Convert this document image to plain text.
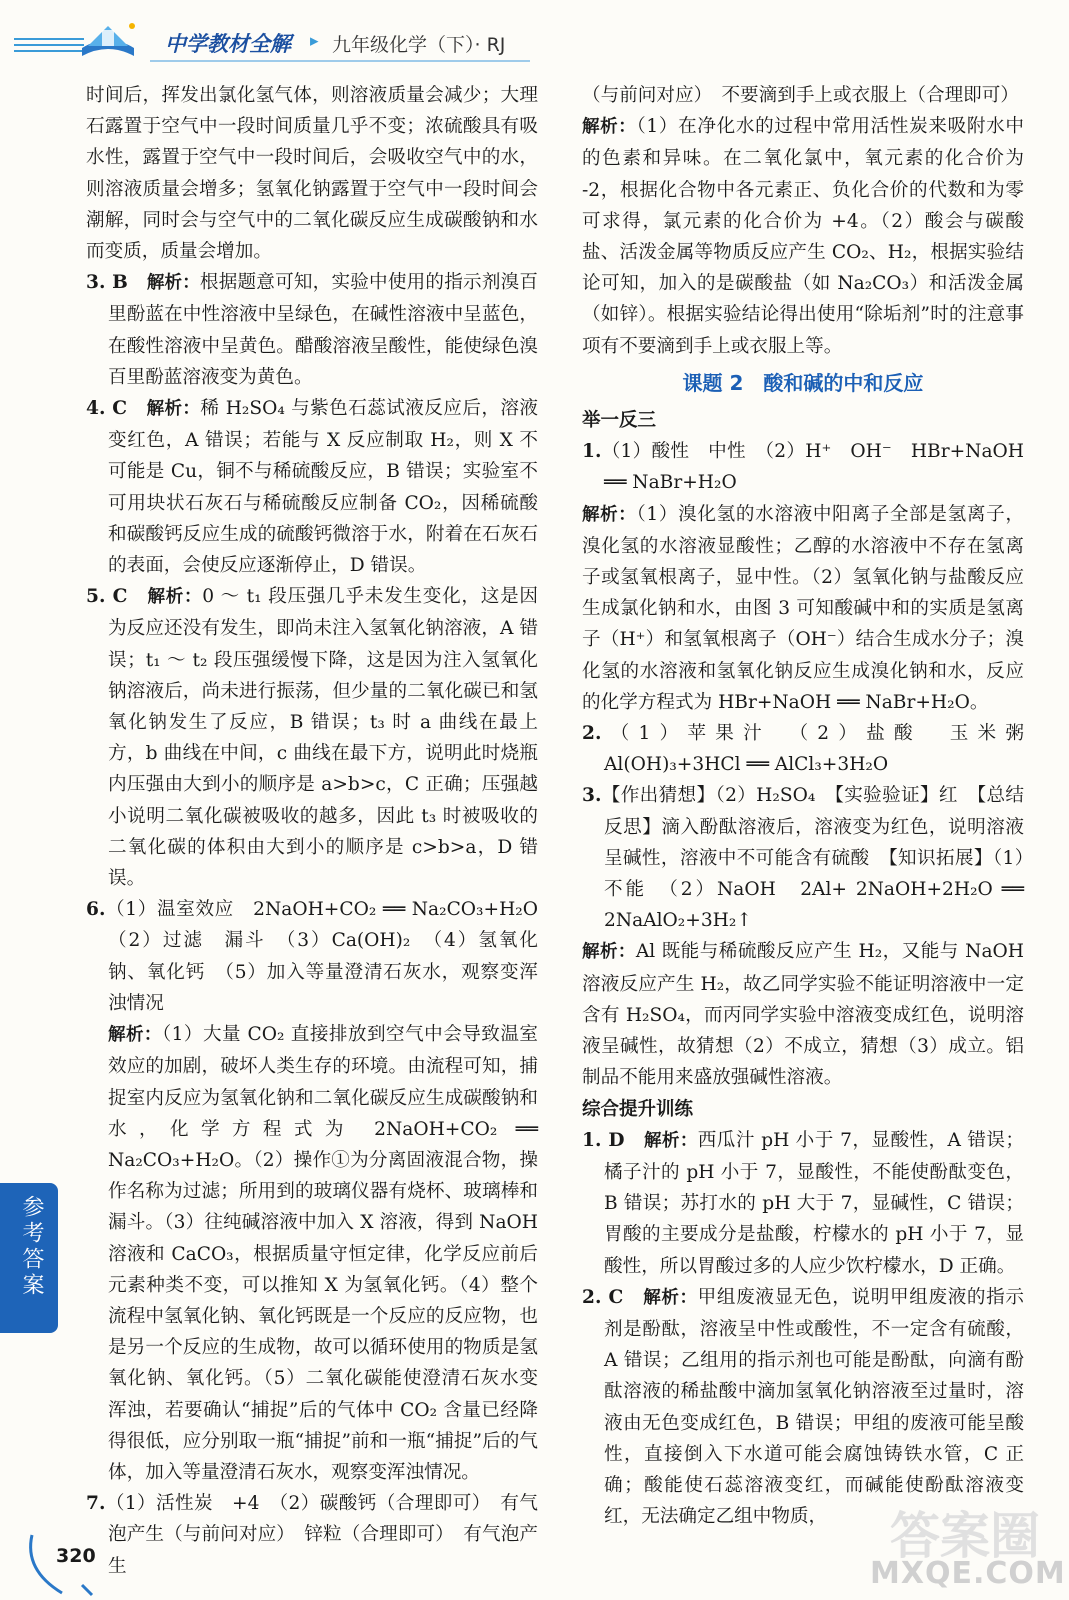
中学教材全解 ▸ 九年级化学（下）· RJ

时间后，挥发出氯化氢气体，则溶液质量会减少；大理石露置于空气中一段时间质量几乎不变；浓硫酸具有吸水性，露置于空气中一段时间后，会吸收空气中的水，则溶液质量会增多；氢氧化钠露置于空气中一段时间会潮解，同时会与空气中的二氧化碳反应生成碳酸钠和水而变质，质量会增加。

3. B　 解析：根据题意可知，实验中使用的指示剂溴百里酚蓝在中性溶液中呈绿色，在碱性溶液中呈蓝色，在酸性溶液中呈黄色。醋酸溶液呈酸性，能使绿色溴百里酚蓝溶液变为黄色。

4. C　 解析：稀 H₂SO₄ 与紫色石蕊试液反应后，溶液变红色，A 错误；若能与 X 反应制取 H₂，则 X 不可能是 Cu，铜不与稀硫酸反应，B 错误；实验室不可用块状石灰石与稀硫酸反应制备 CO₂，因稀硫酸和碳酸钙反应生成的硫酸钙微溶于水，附着在石灰石的表面，会使反应逐渐停止，D 错误。

5. C　 解析：0 ～ t₁ 段压强几乎未发生变化，这是因为反应还没有发生，即尚未注入氢氧化钠溶液，A 错误；t₁ ～ t₂ 段压强缓慢下降，这是因为注入氢氧化钠溶液后，尚未进行振荡，但少量的二氧化碳已和氢氧化钠发生了反应，B 错误；t₃ 时 a 曲线在最上方，b 曲线在中间，c 曲线在最下方，说明此时烧瓶内压强由大到小的顺序是 a>b>c，C 正确；压强越小说明二氧化碳被吸收的越多，因此 t₃ 时被吸收的二氧化碳的体积由大到小的顺序是 c>b>a，D 错误。

6.（1）温室效应　2NaOH+CO₂ ══ Na₂CO₃+H₂O　（2）过滤　漏斗　（3）Ca(OH)₂　（4）氢氧化钠、氧化钙　（5）加入等量澄清石灰水，观察变浑浊情况

解析：（1）大量 CO₂ 直接排放到空气中会导致温室效应的加剧，破坏人类生存的环境。由流程可知，捕捉室内反应为氢氧化钠和二氧化碳反应生成碳酸钠和水，化学方程式为 2NaOH+CO₂ ══ Na₂CO₃+H₂O。（2）操作①为分离固液混合物，操作名称为过滤；所用到的玻璃仪器有烧杯、玻璃棒和漏斗。（3）往纯碱溶液中加入 X 溶液，得到 NaOH 溶液和 CaCO₃，根据质量守恒定律，化学反应前后元素种类不变，可以推知 X 为氢氧化钙。（4）整个流程中氢氧化钠、氧化钙既是一个反应的反应物，也是另一个反应的生成物，故可以循环使用的物质是氢氧化钠、氧化钙。（5）二氧化碳能使澄清石灰水变浑浊，若要确认“捕捉”后的气体中 CO₂ 含量已经降得很低，应分别取一瓶“捕捉”前和一瓶“捕捉”后的气体，加入等量澄清石灰水，观察变浑浊情况。

7.（1）活性炭　+4　（2）碳酸钙（合理即可）　有气泡产生（与前问对应）　锌粒（合理即可）　有气泡产生

（与前问对应）　不要滴到手上或衣服上（合理即可）

解析：（1）在净化水的过程中常用活性炭来吸附水中的色素和异味。在二氧化氯中，氧元素的化合价为 -2，根据化合物中各元素正、负化合价的代数和为零可求得，氯元素的化合价为 +4。（2）酸会与碳酸盐、活泼金属等物质反应产生 CO₂、H₂，根据实验结论可知，加入的是碳酸盐（如 Na₂CO₃）和活泼金属（如锌）。根据实验结论得出使用“除垢剂”时的注意事项有不要滴到手上或衣服上等。

课题 2　酸和碱的中和反应

举一反三

1.（1）酸性　中性　（2）H⁺　OH⁻　HBr+NaOH ══ NaBr+H₂O

解析：（1）溴化氢的水溶液中阳离子全部是氢离子，溴化氢的水溶液显酸性；乙醇的水溶液中不存在氢离子或氢氧根离子，显中性。（2）氢氧化钠与盐酸反应生成氯化钠和水，由图 3 可知酸碱中和的实质是氢离子（H⁺）和氢氧根离子（OH⁻）结合生成水分子；溴化氢的水溶液和氢氧化钠反应生成溴化钠和水，反应的化学方程式为 HBr+NaOH ══ NaBr+H₂O。

2.（1）苹果汁　（2）盐酸　玉米粥　Al(OH)₃+3HCl ══ AlCl₃+3H₂O

3.【作出猜想】（2）H₂SO₄　【实验验证】红　【总结反思】滴入酚酞溶液后，溶液变为红色，说明溶液呈碱性，溶液中不可能含有硫酸　【知识拓展】（1）不能　（2）NaOH　2Al+ 2NaOH+2H₂O ══ 2NaAlO₂+3H₂↑

解析：Al 既能与稀硫酸反应产生 H₂，又能与 NaOH 溶液反应产生 H₂，故乙同学实验不能证明溶液中一定含有 H₂SO₄，而丙同学实验中溶液变成红色，说明溶液呈碱性，故猜想（2）不成立，猜想（3）成立。铝制品不能用来盛放强碱性溶液。

综合提升训练

1. D　 解析：西瓜汁 pH 小于 7，显酸性，A 错误；橘子汁的 pH 小于 7，显酸性，不能使酚酞变色，B 错误；苏打水的 pH 大于 7，显碱性，C 错误；胃酸的主要成分是盐酸，柠檬水的 pH 小于 7，显酸性，所以胃酸过多的人应少饮柠檬水，D 正确。

2. C　 解析：甲组废液显无色，说明甲组废液的指示剂是酚酞，溶液呈中性或酸性，不一定含有硫酸，A 错误；乙组用的指示剂也可能是酚酞，向滴有酚酞溶液的稀盐酸中滴加氢氧化钠溶液至过量时，溶液由无色变成红色，B 错误；甲组的废液可能呈酸性，直接倒入下水道可能会腐蚀铸铁水管，C 正确；酸能使石蕊溶液变红，而碱能使酚酞溶液变红，无法确定乙组中物质，

参考答案
320	答案圈
MXQE.COM
